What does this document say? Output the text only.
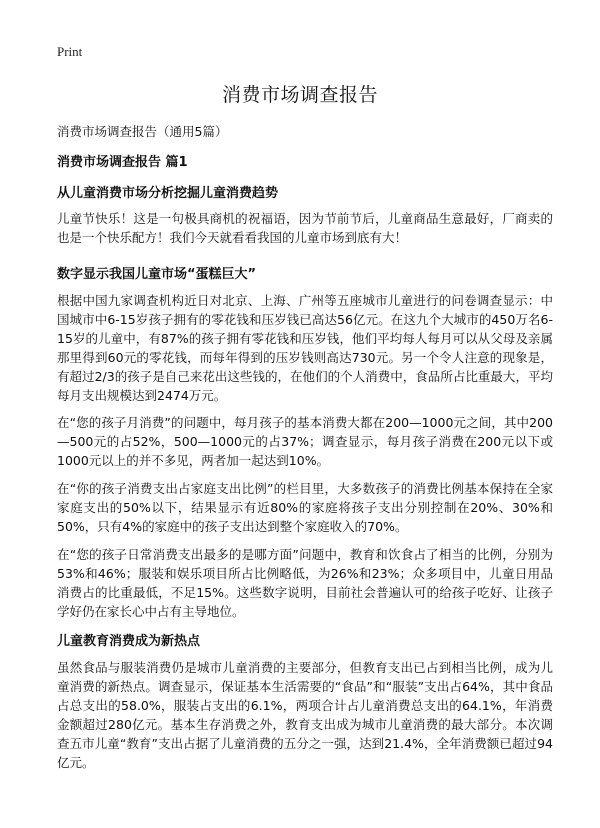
Print
消费市场调查报告
消费市场调查报告（通用5篇）
消费市场调查报告 篇1
从儿童消费市场分析挖掘儿童消费趋势

儿童节快乐！这是一句极具商机的祝福语，因为节前节后，儿童商品生意最好，厂商卖的也是一个快乐配方！我们今天就看看我国的儿童市场到底有大！

数字显示我国儿童市场“蛋糕巨大”

根据中国九家调查机构近日对北京、上海、广州等五座城市儿童进行的问卷调查显示：中国城市中6-15岁孩子拥有的零花钱和压岁钱已高达56亿元。在这九个大城市的450万名6-15岁的儿童中，有87%的孩子拥有零花钱和压岁钱，他们平均每人每月可以从父母及亲属那里得到60元的零花钱，而每年得到的压岁钱则高达730元。另一个令人注意的现象是，有超过2/3的孩子是自己来花出这些钱的，在他们的个人消费中，食品所占比重最大，平均每月支出规模达到2474万元。

在“您的孩子月消费”的问题中，每月孩子的基本消费大都在200—1000元之间，其中200—500元的占52%，500—1000元的占37%；调查显示，每月孩子消费在200元以下或1000元以上的并不多见，两者加一起达到10%。

在“你的孩子消费支出占家庭支出比例”的栏目里，大多数孩子的消费比例基本保持在全家家庭支出的50%以下，结果显示有近80%的家庭将孩子支出分别控制在20%、30%和50%，只有4%的家庭中的孩子支出达到整个家庭收入的70%。

在“您的孩子日常消费支出最多的是哪方面”问题中，教育和饮食占了相当的比例，分别为53%和46%；服装和娱乐项目所占比例略低，为26%和23%；众多项目中，儿童日用品消费占的比重最低，不足15%。这些数字说明，目前社会普遍认可的给孩子吃好、让孩子学好仍在家长心中占有主导地位。

儿童教育消费成为新热点

虽然食品与服装消费仍是城市儿童消费的主要部分，但教育支出已占到相当比例，成为儿童消费的新热点。调查显示，保证基本生活需要的“食品”和“服装”支出占64%，其中食品占总支出的58.0%，服装占支出的6.1%，两项合计占儿童消费总支出的64.1%，年消费金额超过280亿元。基本生存消费之外，教育支出成为城市儿童消费的最大部分。本次调查五市儿童“教育”支出占据了儿童消费的五分之一强，达到21.4%，全年消费额已超过94亿元。
